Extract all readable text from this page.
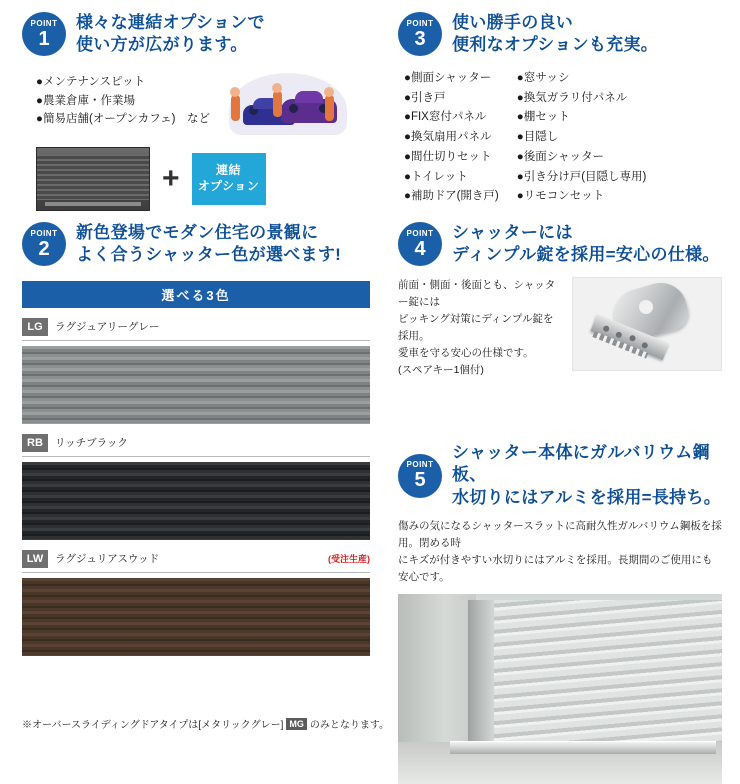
POINT
1
様々な連結オプションで
使い方が広がります。
●メンテナンスピット
●農業倉庫・作業場
●簡易店舗(オープンカフェ)　など
+	連結
オプション
POINT
2
新色登場でモダン住宅の景観に
よく合うシャッター色が選べます!
選べる3色
LG	ラグジュアリーグレー
RB	リッチブラック
LW	ラグジュリアスウッド	(受注生産)
※オーバースライディングドアタイプは[メタリックグレー] MG のみとなります。
POINT
3
使い勝手の良い
便利なオプションも充実。
●側面シャッター
●引き戸
●FIX窓付パネル
●換気扇用パネル
●間仕切りセット
●トイレット
●補助ドア(開き戸)
●窓サッシ
●換気ガラリ付パネル
●棚セット
●目隠し
●後面シャッター
●引き分け戸(目隠し専用)
●リモコンセット
POINT
4
シャッターには
ディンプル錠を採用=安心の仕様。

前面・側面・後面とも、シャッター錠には

ピッキング対策にディンプル錠を採用。

愛車を守る安心の仕様です。

(スペアキー1個付)

POINT
5
シャッター本体にガルバリウム鋼板、
水切りにはアルミを採用=長持ち。
傷みの気になるシャッタースラットに高耐久性ガルバリウム鋼板を採用。閉める時
にキズが付きやすい水切りにはアルミを採用。長期間のご使用にも安心です。
